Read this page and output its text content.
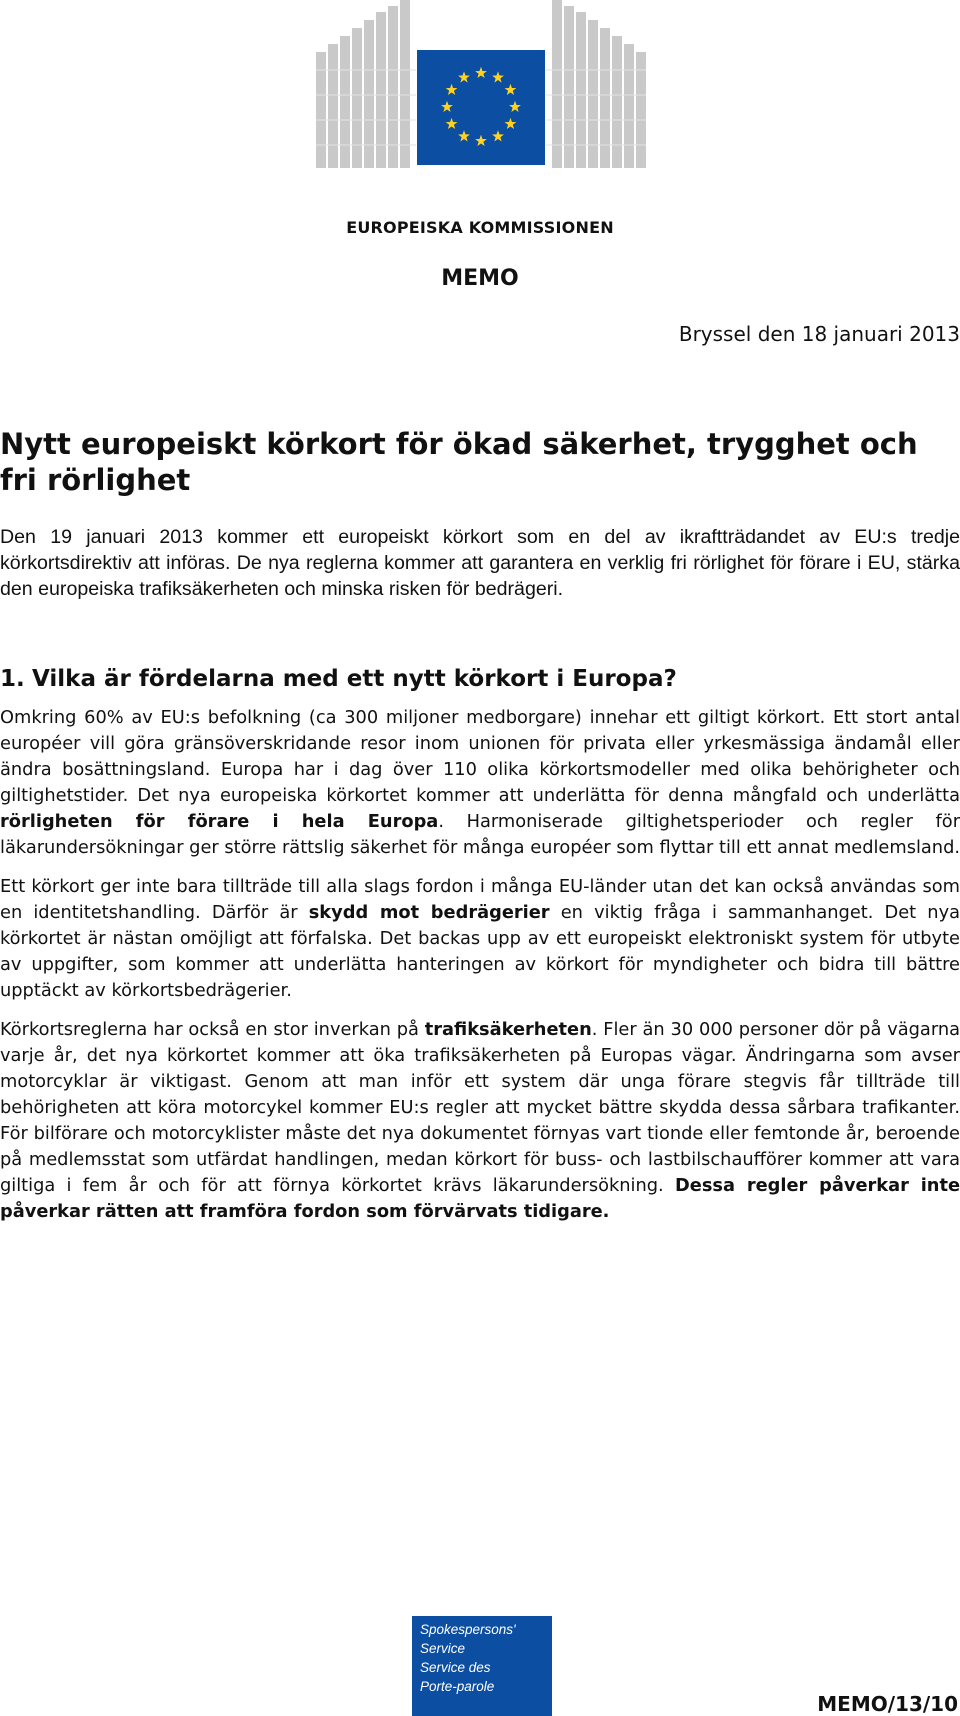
EUROPEISKA KOMMISSIONEN
MEMO
Bryssel den 18 januari 2013
Nytt europeiskt körkort för ökad säkerhet, trygghet och fri rörlighet
Den 19 januari 2013 kommer ett europeiskt körkort som en del av ikraftträdandet av EU:s tredje körkortsdirektiv att införas. De nya reglerna kommer att garantera en verklig fri rörlighet för förare i EU, stärka den europeiska trafiksäkerheten och minska risken för bedrägeri.
1. Vilka är fördelarna med ett nytt körkort i Europa?

Omkring 60% av EU:s befolkning (ca 300 miljoner medborgare) innehar ett giltigt körkort. Ett stort antal européer vill göra gränsöverskridande resor inom unionen för privata eller yrkesmässiga ändamål eller ändra bosättningsland. Europa har i dag över 110 olika körkortsmodeller med olika behörigheter och giltighetstider. Det nya europeiska körkortet kommer att underlätta för denna mångfald och underlätta rörligheten för förare i hela Europa. Harmoniserade giltighetsperioder och regler för läkarundersökningar ger större rättslig säkerhet för många européer som flyttar till ett annat medlemsland.

Ett körkort ger inte bara tillträde till alla slags fordon i många EU-länder utan det kan också användas som en identitetshandling. Därför är skydd mot bedrägerier en viktig fråga i sammanhanget. Det nya körkortet är nästan omöjligt att förfalska. Det backas upp av ett europeiskt elektroniskt system för utbyte av uppgifter, som kommer att underlätta hanteringen av körkort för myndigheter och bidra till bättre upptäckt av körkortsbedrägerier.

Körkortsreglerna har också en stor inverkan på trafiksäkerheten. Fler än 30 000 personer dör på vägarna varje år, det nya körkortet kommer att öka trafiksäkerheten på Europas vägar. Ändringarna som avser motorcyklar är viktigast. Genom att man inför ett system där unga förare stegvis får tillträde till behörigheten att köra motorcykel kommer EU:s regler att mycket bättre skydda dessa sårbara trafikanter. För bilförare och motorcyklister måste det nya dokumentet förnyas vart tionde eller femtonde år, beroende på medlemsstat som utfärdat handlingen, medan körkort för buss- och lastbilschaufförer kommer att vara giltiga i fem år och för att förnya körkortet krävs läkarundersökning. Dessa regler påverkar inte påverkar rätten att framföra fordon som förvärvats tidigare.

Spokespersons'
Service
Service des
Porte-parole
MEMO/13/10
